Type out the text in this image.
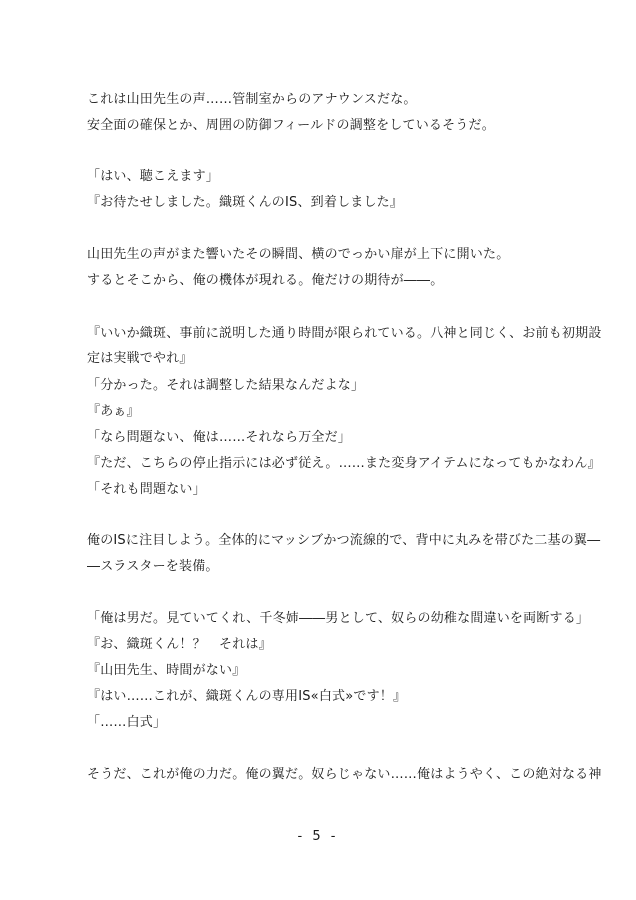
これは山田先生の声……管制室からのアナウンスだな。
安全面の確保とか、周囲の防御フィールドの調整をしているそうだ。
「はい、聴こえます」
『お待たせしました。織斑くんのIS、到着しました』
山田先生の声がまた響いたその瞬間、横のでっかい扉が上下に開いた。
するとそこから、俺の機体が現れる。俺だけの期待が――。
『いいか織斑、事前に説明した通り時間が限られている。八神と同じく、お前も初期設
定は実戦でやれ』
「分かった。それは調整した結果なんだよな」
『あぁ』
「なら問題ない、俺は……それなら万全だ」
『ただ、こちらの停止指示には必ず従え。……また変身アイテムになってもかなわん』
「それも問題ない」
俺のISに注目しよう。全体的にマッシブかつ流線的で、背中に丸みを帯びた二基の翼―
―スラスターを装備。
「俺は男だ。見ていてくれ、千冬姉――男として、奴らの幼稚な間違いを両断する」
『お、織斑くん！？　それは』
『山田先生、時間がない』
『はい……これが、織斑くんの専用IS«白式»です！』
「……白式」
そうだ、これが俺の力だ。俺の翼だ。奴らじゃない……俺はようやく、この絶対なる神
- 5 -
